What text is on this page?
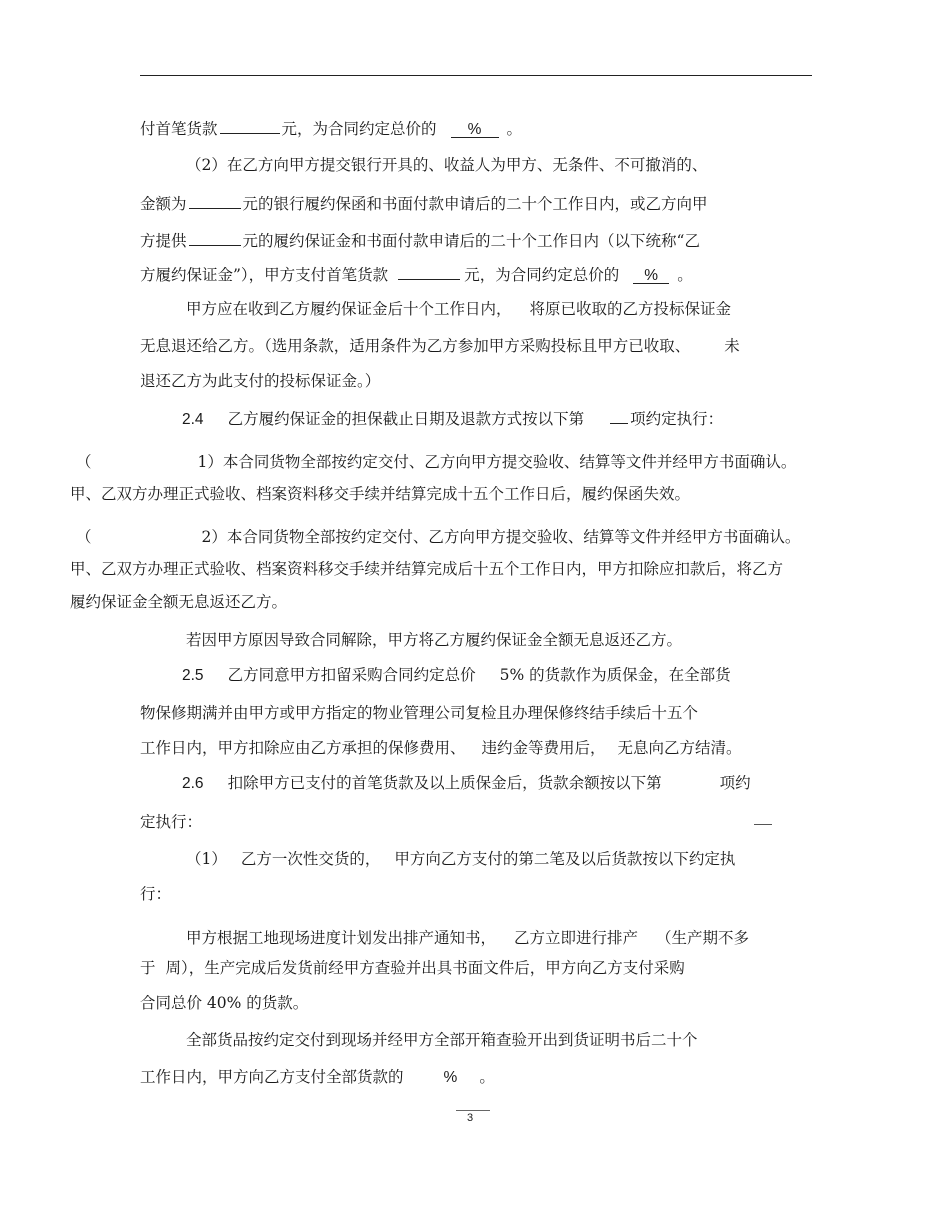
付首笔货款	元，为合同约定总价的 % 。
（2）在乙方向甲方提交银行开具的、收益人为甲方、无条件、不可撤消的、
金额为	元的银行履约保函和书面付款申请后的二十个工作日内，或乙方向甲
方提供	元的履约保证金和书面付款申请后的二十个工作日内（以下统称“乙
方履约保证金”），甲方支付首笔货款	元，为合同约定总价的 % 。
甲方应在收到乙方履约保证金后十个工作日内， 将原已收取的乙方投标保证金
无息退还给乙方。（选用条款，适用条件为乙方参加甲方采购投标且甲方已收取、 未
退还乙方为此支付的投标保证金。）
2.4 乙方履约保证金的担保截止日期及退款方式按以下第	项约定执行：
（	1）本合同货物全部按约定交付、乙方向甲方提交验收、结算等文件并经甲方书面确认。
甲、乙双方办理正式验收、档案资料移交手续并结算完成十五个工作日后，履约保函失效。
（	2）本合同货物全部按约定交付、乙方向甲方提交验收、结算等文件并经甲方书面确认。
甲、乙双方办理正式验收、档案资料移交手续并结算完成后十五个工作日内，甲方扣除应扣款后，将乙方
履约保证金全额无息返还乙方。
若因甲方原因导致合同解除，甲方将乙方履约保证金全额无息返还乙方。
2.5 乙方同意甲方扣留采购合同约定总价 5% 的货款作为质保金，在全部货
物保修期满并由甲方或甲方指定的物业管理公司复检且办理保修终结手续后十五个
工作日内，甲方扣除应由乙方承担的保修费用、 违约金等费用后， 无息向乙方结清。
2.6 扣除甲方已支付的首笔货款及以上质保金后，货款余额按以下第	项约
定执行：
（1） 乙方一次性交货的， 甲方向乙方支付的第二笔及以后货款按以下约定执
行：
甲方根据工地现场进度计划发出排产通知书， 乙方立即进行排产 （生产期不多
于 周），生产完成后发货前经甲方查验并出具书面文件后，甲方向乙方支付采购
合同总价 40% 的货款。
全部货品按约定交付到现场并经甲方全部开箱查验开出到货证明书后二十个
工作日内，甲方向乙方支付全部货款的	% 。
3
